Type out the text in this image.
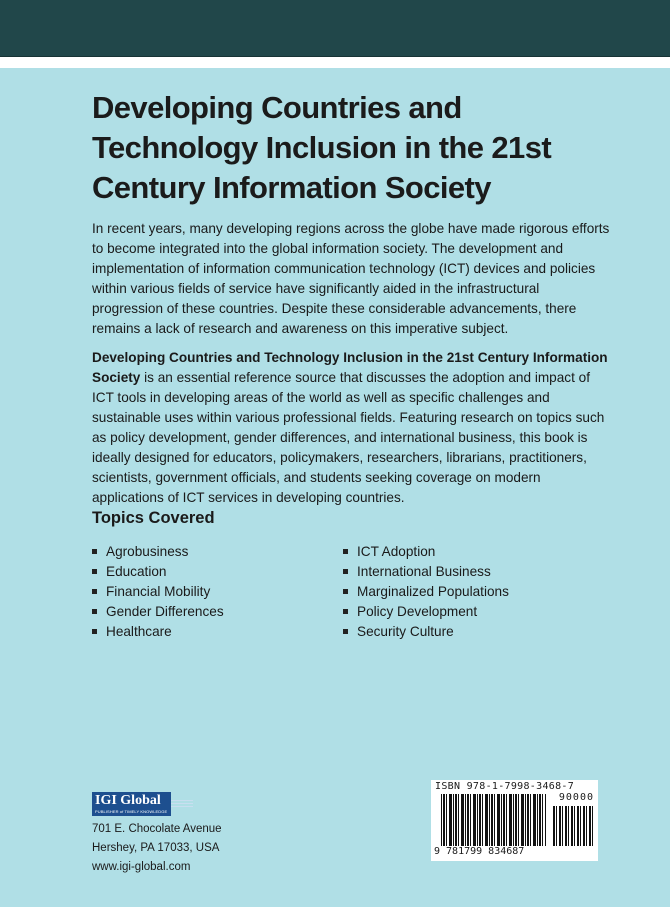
Developing Countries and Technology Inclusion in the 21st Century Information Society

In recent years, many developing regions across the globe have made rigorous efforts to become integrated into the global information society. The development and implementation of information communication technology (ICT) devices and policies within various fields of service have significantly aided in the infrastructural progression of these countries. Despite these considerable advancements, there remains a lack of research and awareness on this imperative subject.

Developing Countries and Technology Inclusion in the 21st Century Information Society is an essential reference source that discusses the adoption and impact of ICT tools in developing areas of the world as well as specific challenges and sustainable uses within various professional fields. Featuring research on topics such as policy development, gender differences, and international business, this book is ideally designed for educators, policymakers, researchers, librarians, practitioners, scientists, government officials, and students seeking coverage on modern applications of ICT services in developing countries.

Topics Covered
Agrobusiness
Education
Financial Mobility
Gender Differences
Healthcare
ICT Adoption
International Business
Marginalized Populations
Policy Development
Security Culture
IGI Global
PUBLISHER of TIMELY KNOWLEDGE
701 E. Chocolate Avenue
Hershey, PA 17033, USA
www.igi-global.com
ISBN 978-1-7998-3468-7
90000
9 781799 834687
